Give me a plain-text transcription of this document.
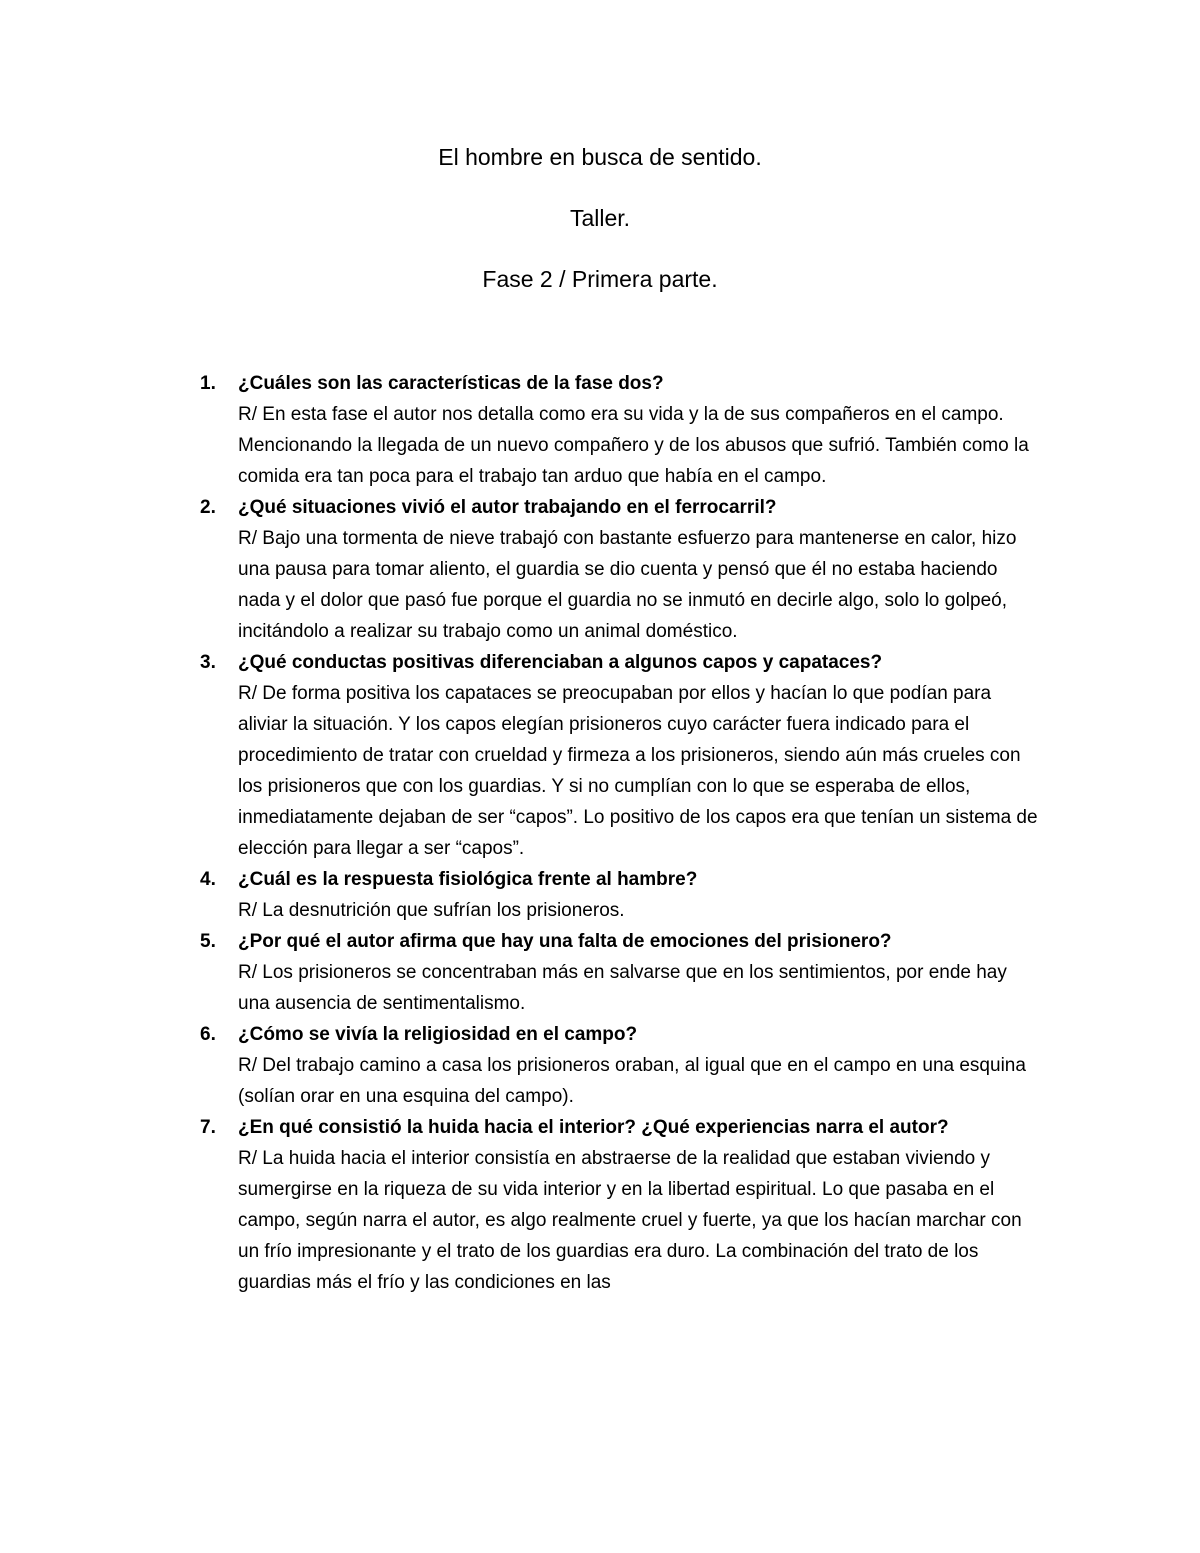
El hombre en busca de sentido.
Taller.
Fase 2 / Primera parte.
1. ¿Cuáles son las características de la fase dos?

R/ En esta fase el autor nos detalla como era su vida y la de sus compañeros en el campo. Mencionando la llegada de un nuevo compañero y de los abusos que sufrió. También como la comida era tan poca para el trabajo tan arduo que había en el campo.

2. ¿Qué situaciones vivió el autor trabajando en el ferrocarril?

R/ Bajo una tormenta de nieve trabajó con bastante esfuerzo para mantenerse en calor, hizo una pausa para tomar aliento, el guardia se dio cuenta y pensó que él no estaba haciendo nada y el dolor que pasó fue porque el guardia no se inmutó en decirle algo, solo lo golpeó, incitándolo a realizar su trabajo como un animal doméstico.

3. ¿Qué conductas positivas diferenciaban a algunos capos y capataces?

R/ De forma positiva los capataces se preocupaban por ellos y hacían lo que podían para aliviar la situación. Y los capos elegían prisioneros cuyo carácter fuera indicado para el procedimiento de tratar con crueldad y firmeza a los prisioneros, siendo aún más crueles con los prisioneros que con los guardias. Y si no cumplían con lo que se esperaba de ellos, inmediatamente dejaban de ser “capos”. Lo positivo de los capos era que tenían un sistema de elección para llegar a ser “capos”.

4. ¿Cuál es la respuesta fisiológica frente al hambre?

R/ La desnutrición que sufrían los prisioneros.

5. ¿Por qué el autor afirma que hay una falta de emociones del prisionero?

R/ Los prisioneros se concentraban más en salvarse que en los sentimientos, por ende hay una ausencia de sentimentalismo.

6. ¿Cómo se vivía la religiosidad en el campo?

R/ Del trabajo camino a casa los prisioneros oraban, al igual que en el campo en una esquina (solían orar en una esquina del campo).

7. ¿En qué consistió la huida hacia el interior? ¿Qué experiencias narra el autor?

R/ La huida hacia el interior consistía en abstraerse de la realidad que estaban viviendo y sumergirse en la riqueza de su vida interior y en la libertad espiritual. Lo que pasaba en el campo, según narra el autor, es algo realmente cruel y fuerte, ya que los hacían marchar con un frío impresionante y el trato de los guardias era duro. La combinación del trato de los guardias más el frío y las condiciones en las
